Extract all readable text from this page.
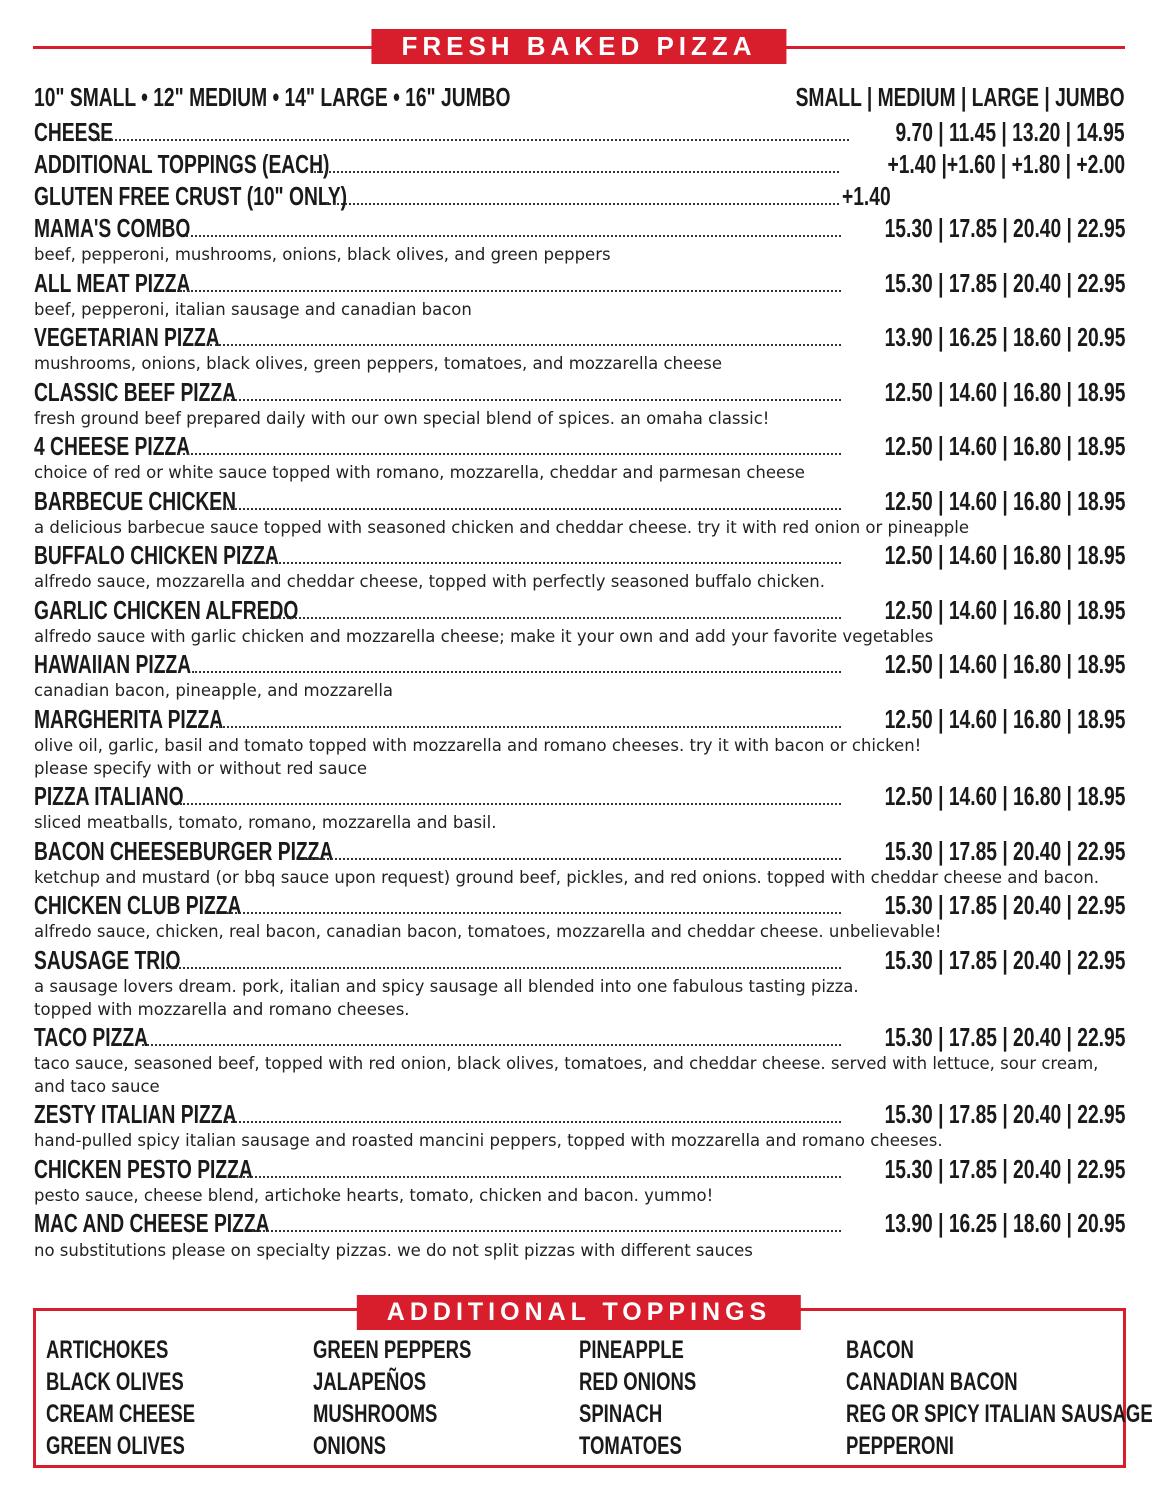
FRESH BAKED PIZZA
10" SMALL • 12" MEDIUM • 14" LARGE • 16" JUMBO	SMALL | MEDIUM | LARGE | JUMBO
CHEESE	9.70 | 11.45 | 13.20 | 14.95
ADDITIONAL TOPPINGS (EACH)	+1.40 |+1.60 | +1.80 | +2.00
GLUTEN FREE CRUST (10" ONLY)	+1.40
MAMA'S COMBO	15.30 | 17.85 | 20.40 | 22.95
beef, pepperoni, mushrooms, onions, black olives, and green peppers
ALL MEAT PIZZA	15.30 | 17.85 | 20.40 | 22.95
beef, pepperoni, italian sausage and canadian bacon
VEGETARIAN PIZZA	13.90 | 16.25 | 18.60 | 20.95
mushrooms, onions, black olives, green peppers, tomatoes, and mozzarella cheese
CLASSIC BEEF PIZZA	12.50 | 14.60 | 16.80 | 18.95
fresh ground beef prepared daily with our own special blend of spices. an omaha classic!
4 CHEESE PIZZA	12.50 | 14.60 | 16.80 | 18.95
choice of red or white sauce topped with romano, mozzarella, cheddar and parmesan cheese
BARBECUE CHICKEN	12.50 | 14.60 | 16.80 | 18.95
a delicious barbecue sauce topped with seasoned chicken and cheddar cheese. try it with red onion or pineapple
BUFFALO CHICKEN PIZZA	12.50 | 14.60 | 16.80 | 18.95
alfredo sauce, mozzarella and cheddar cheese, topped with perfectly seasoned buffalo chicken.
GARLIC CHICKEN ALFREDO	12.50 | 14.60 | 16.80 | 18.95
alfredo sauce with garlic chicken and mozzarella cheese; make it your own and add your favorite vegetables
HAWAIIAN PIZZA	12.50 | 14.60 | 16.80 | 18.95
canadian bacon, pineapple, and mozzarella
MARGHERITA PIZZA	12.50 | 14.60 | 16.80 | 18.95
olive oil, garlic, basil and tomato topped with mozzarella and romano cheeses. try it with bacon or chicken!
please specify with or without red sauce
PIZZA ITALIANO	12.50 | 14.60 | 16.80 | 18.95
sliced meatballs, tomato, romano, mozzarella and basil.
BACON CHEESEBURGER PIZZA	15.30 | 17.85 | 20.40 | 22.95
ketchup and mustard (or bbq sauce upon request) ground beef, pickles, and red onions. topped with cheddar cheese and bacon.
CHICKEN CLUB PIZZA	15.30 | 17.85 | 20.40 | 22.95
alfredo sauce, chicken, real bacon, canadian bacon, tomatoes, mozzarella and cheddar cheese. unbelievable!
SAUSAGE TRIO	15.30 | 17.85 | 20.40 | 22.95
a sausage lovers dream. pork, italian and spicy sausage all blended into one fabulous tasting pizza.
topped with mozzarella and romano cheeses.
TACO PIZZA	15.30 | 17.85 | 20.40 | 22.95
taco sauce, seasoned beef, topped with red onion, black olives, tomatoes, and cheddar cheese. served with lettuce, sour cream,
and taco sauce
ZESTY ITALIAN PIZZA	15.30 | 17.85 | 20.40 | 22.95
hand-pulled spicy italian sausage and roasted mancini peppers, topped with mozzarella and romano cheeses.
CHICKEN PESTO PIZZA	15.30 | 17.85 | 20.40 | 22.95
pesto sauce, cheese blend, artichoke hearts, tomato, chicken and bacon. yummo!
MAC AND CHEESE PIZZA	13.90 | 16.25 | 18.60 | 20.95
no substitutions please on specialty pizzas. we do not split pizzas with different sauces
ADDITIONAL TOPPINGS
ARTICHOKES
BLACK OLIVES
CREAM CHEESE
GREEN OLIVES
GREEN PEPPERS
JALAPEÑOS
MUSHROOMS
ONIONS
PINEAPPLE
RED ONIONS
SPINACH
TOMATOES
BACON
CANADIAN BACON
REG OR SPICY ITALIAN SAUSAGE
PEPPERONI
